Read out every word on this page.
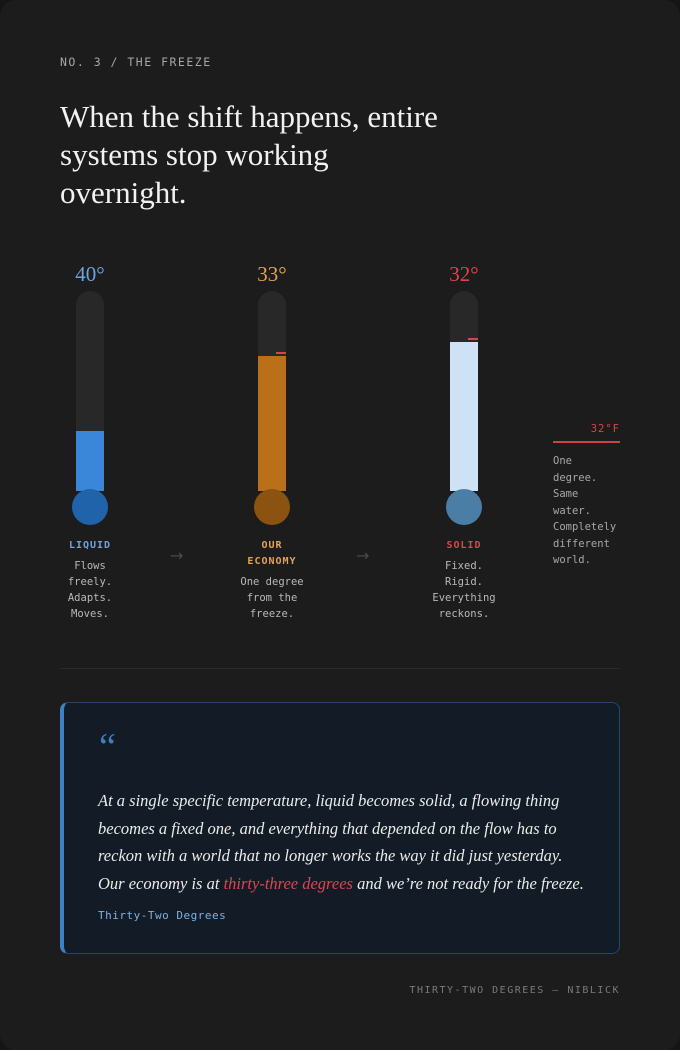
NO. 3 / THE FREEZE
When the shift happens, entire systems stop working overnight.
40°
LIQUID
Flows
freely.
Adapts.
Moves.
33°
OUR
ECONOMY
One degree
from the
freeze.
32°
SOLID
Fixed.
Rigid.
Everything
reckons.
→	→
32°F
One
degree.
Same
water.
Completely
different
world.
“

At a single specific temperature, liquid becomes solid, a flowing thing becomes a fixed one, and everything that depended on the flow has to reckon with a world that no longer works the way it did just yesterday. Our economy is at thirty-three degrees and we’re not ready for the freeze.

Thirty-Two Degrees
THIRTY-TWO DEGREES — NIBLICK
